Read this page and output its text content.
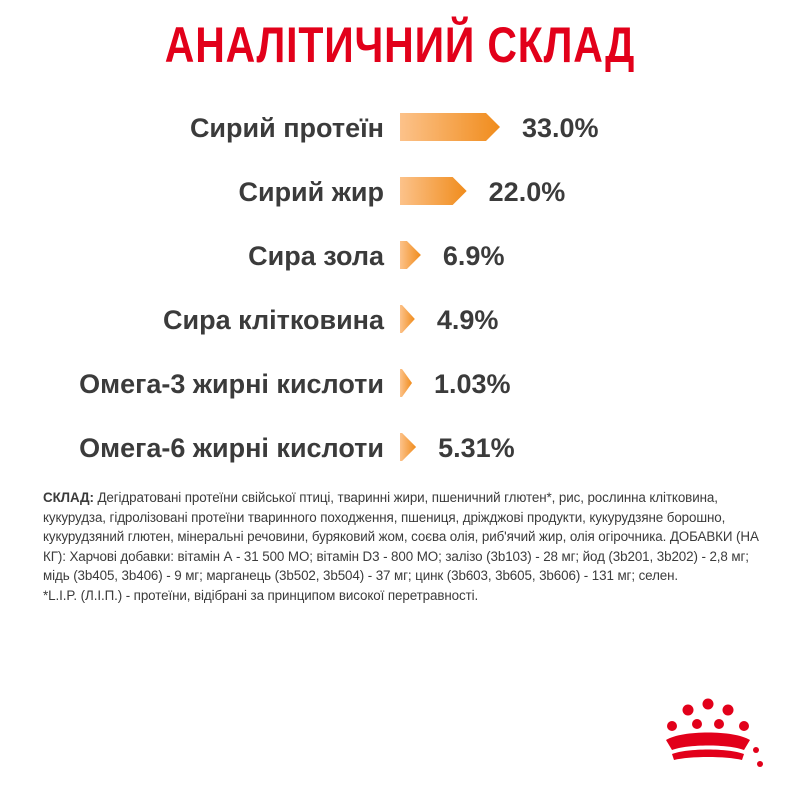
АНАЛІТИЧНИЙ СКЛАД
Сирий протеїн	33.0%
Сирий жир	22.0%
Сира зола 6.9%
Сира клітковина 4.9%
Омега-3 жирні кислоти 1.03%
Омега-6 жирні кислоти 5.31%

СКЛАД: Дегідратовані протеїни свійської птиці, тваринні жири, пшеничний глютен*, рис, рослинна клітковина, кукурудза, гідролізовані протеїни тваринного походження, пшениця, дріжджові продукти, кукурудзяне борошно, кукурудзяний глютен, мінеральні речовини, буряковий жом, соєва олія, риб'ячий жир, олія огірочника. ДОБАВКИ (НА КГ): Харчові добавки: вітамін А - 31 500 МО; вітамін D3 - 800 МО; залізо (3b103) - 28 мг; йод (3b201, 3b202) - 2,8 мг; мідь (3b405, 3b406) - 9 мг; марганець (3b502, 3b504) - 37 мг; цинк (3b603, 3b605, 3b606) - 131 мг; селен.

*L.I.P. (Л.І.П.) - протеїни, відібрані за принципом високої перетравності.
